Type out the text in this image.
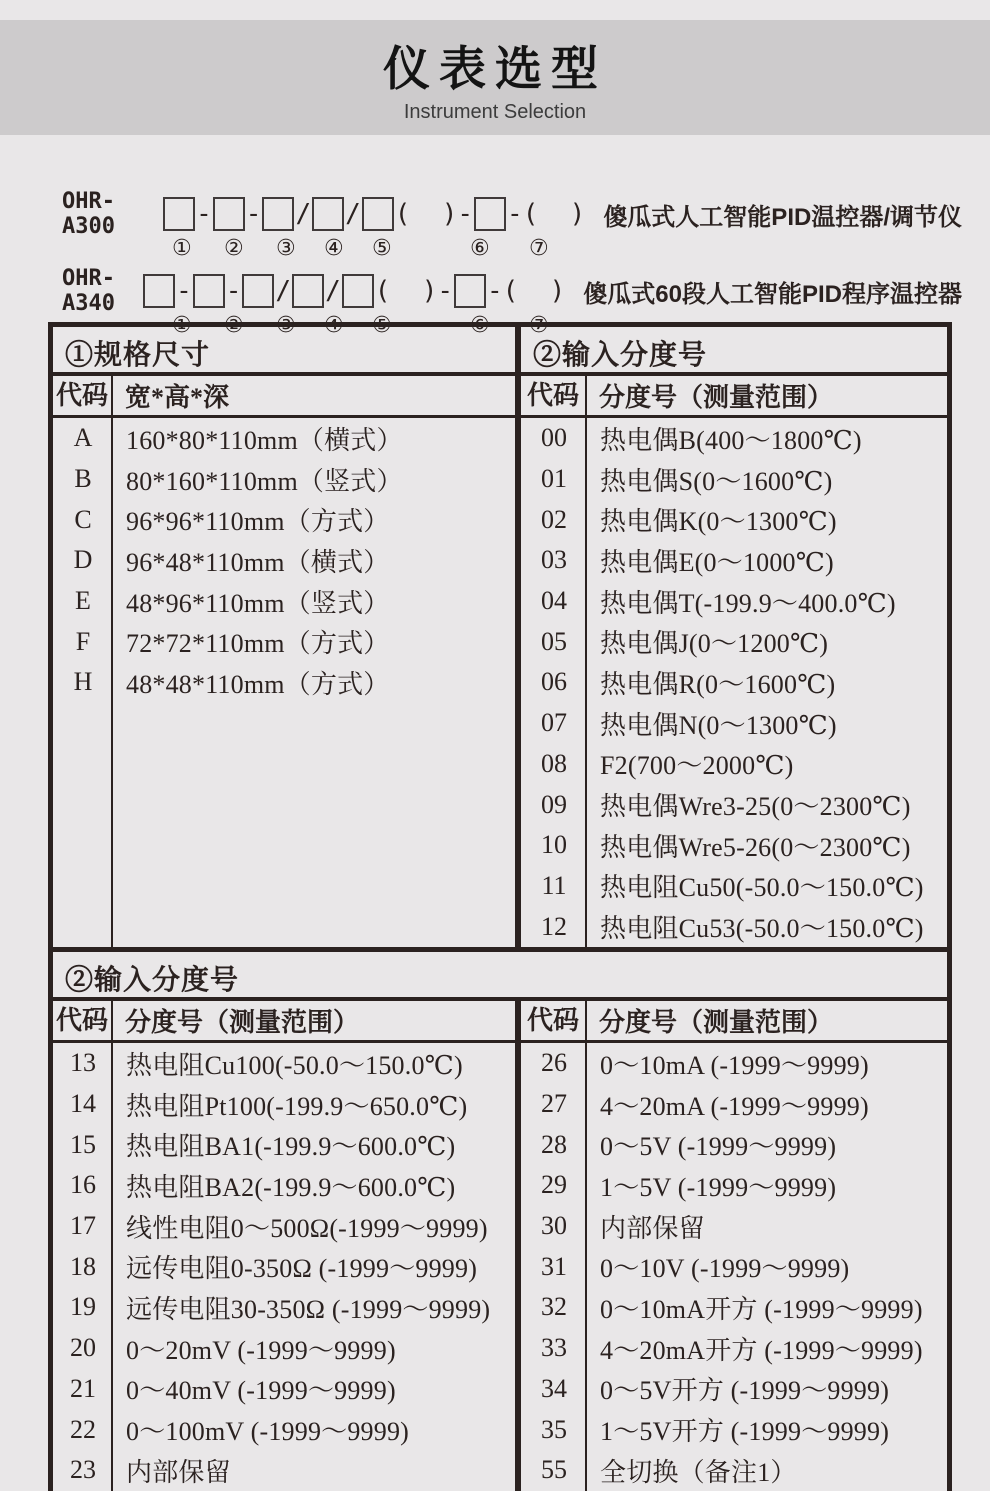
仪表选型
Instrument Selection
OHR-A300	- - / / (  ) - - (  ) 傻瓜式人工智能PID温控器/调节仪
① ② ③ ④ ⑤	⑥ ⑦
OHR-A340	- - / / (  ) - - (  ) 傻瓜式60段人工智能PID程序温控器
① ② ③ ④ ⑤	⑥ ⑦
①规格尺寸
代码 宽*高*深
A	160*80*110mm（横式）
B	80*160*110mm（竖式）
C	96*96*110mm（方式）
D	96*48*110mm（横式）
E	48*96*110mm（竖式）
F	72*72*110mm（方式）
H	48*48*110mm（方式）
②输入分度号
代码 分度号（测量范围）
00	热电偶B(400～1800℃)
01	热电偶S(0～1600℃)
02	热电偶K(0～1300℃)
03	热电偶E(0～1000℃)
04	热电偶T(-199.9～400.0℃)
05	热电偶J(0～1200℃)
06	热电偶R(0～1600℃)
07	热电偶N(0～1300℃)
08	F2(700～2000℃)
09	热电偶Wre3-25(0～2300℃)
10	热电偶Wre5-26(0～2300℃)
11	热电阻Cu50(-50.0～150.0℃)
12	热电阻Cu53(-50.0～150.0℃)
②输入分度号
代码 分度号（测量范围）
13	热电阻Cu100(-50.0～150.0℃)
14	热电阻Pt100(-199.9～650.0℃)
15	热电阻BA1(-199.9～600.0℃)
16	热电阻BA2(-199.9～600.0℃)
17	线性电阻0～500Ω(-1999～9999)
18	远传电阻0-350Ω (-1999～9999)
19	远传电阻30-350Ω (-1999～9999)
20	0～20mV (-1999～9999)
21	0～40mV (-1999～9999)
22	0～100mV (-1999～9999)
23	内部保留
代码 分度号（测量范围）
26	0～10mA (-1999～9999)
27	4～20mA (-1999～9999)
28	0～5V (-1999～9999)
29	1～5V (-1999～9999)
30	内部保留
31	0～10V (-1999～9999)
32	0～10mA开方 (-1999～9999)
33	4～20mA开方 (-1999～9999)
34	0～5V开方 (-1999～9999)
35	1～5V开方 (-1999～9999)
55	全切换（备注1）
